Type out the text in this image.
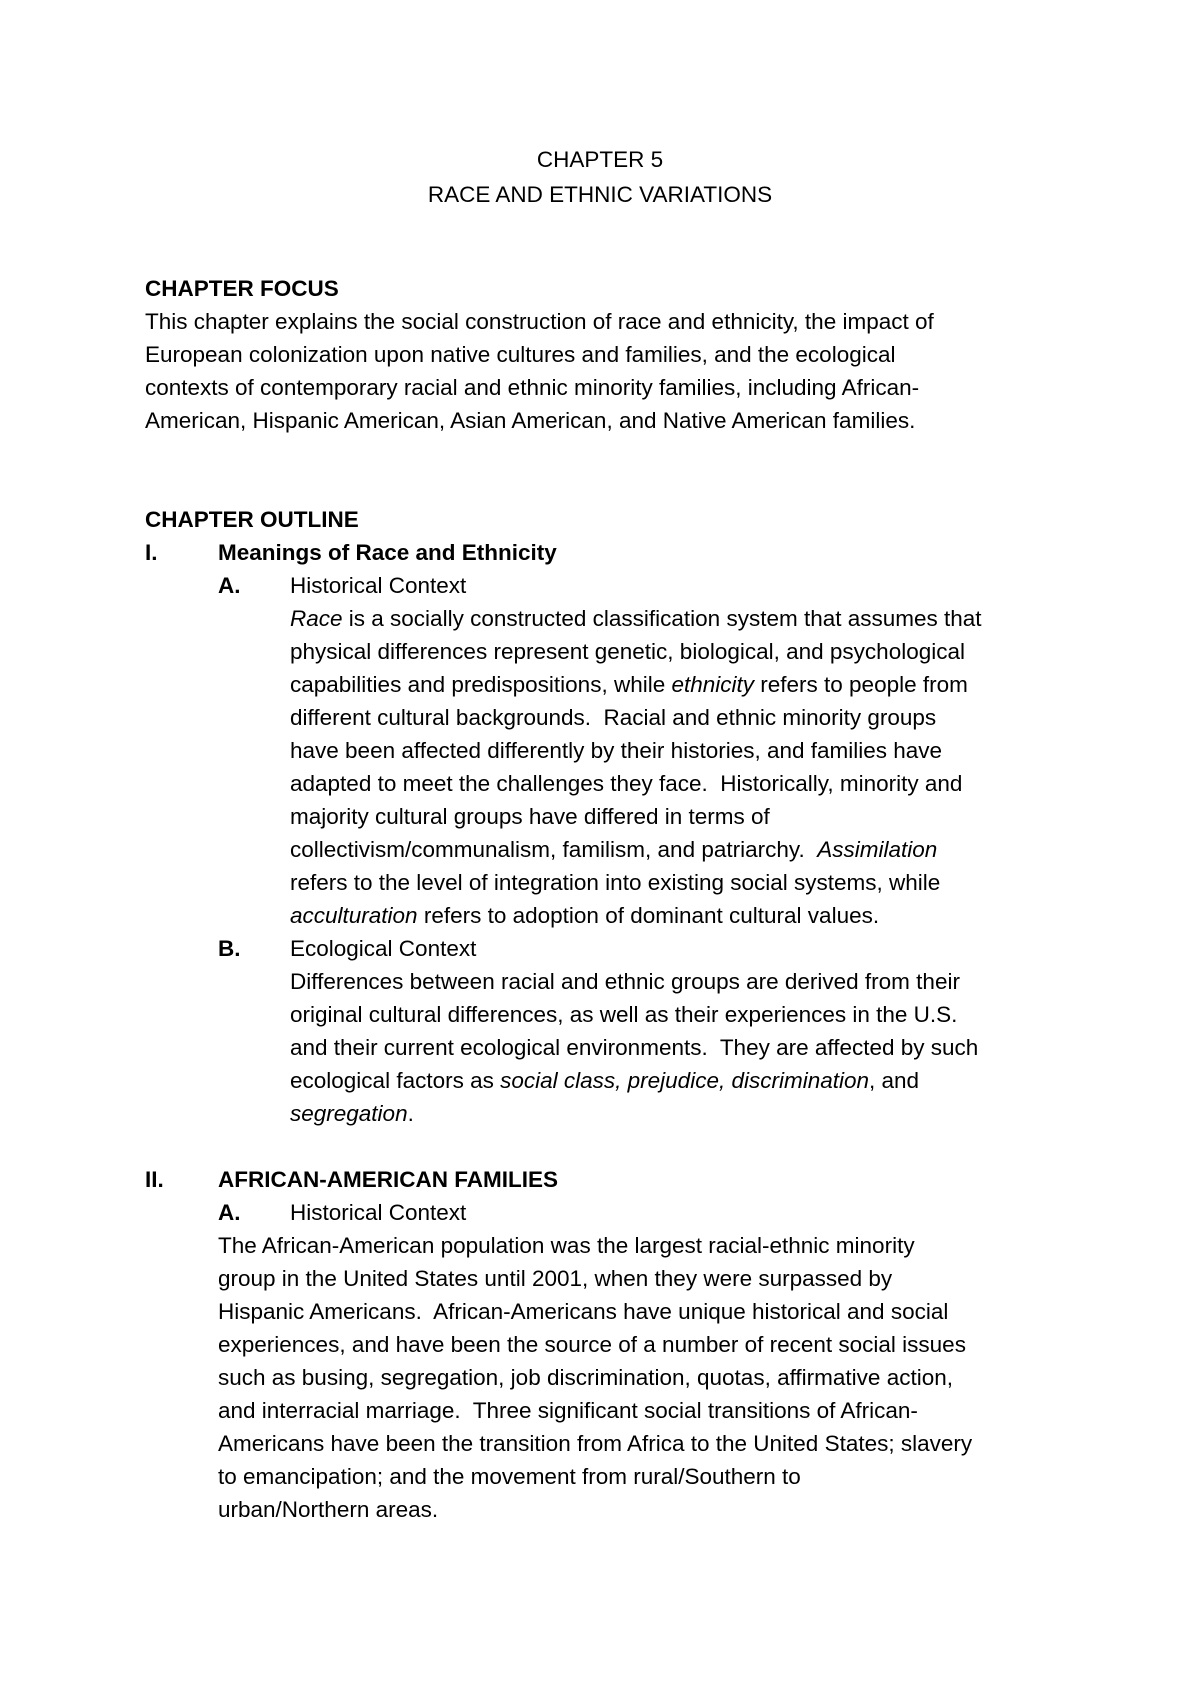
CHAPTER 5
RACE AND ETHNIC VARIATIONS
CHAPTER FOCUS
This chapter explains the social construction of race and ethnicity, the impact of
European colonization upon native cultures and families, and the ecological
contexts of contemporary racial and ethnic minority families, including African-
American, Hispanic American, Asian American, and Native American families.
CHAPTER OUTLINE
I.	Meanings of Race and Ethnicity
A. Historical Context
Race is a socially constructed classification system that assumes that
physical differences represent genetic, biological, and psychological
capabilities and predispositions, while ethnicity refers to people from
different cultural backgrounds.  Racial and ethnic minority groups
have been affected differently by their histories, and families have
adapted to meet the challenges they face.  Historically, minority and
majority cultural groups have differed in terms of
collectivism/communalism, familism, and patriarchy.  Assimilation
refers to the level of integration into existing social systems, while
acculturation refers to adoption of dominant cultural values.
B. Ecological Context
Differences between racial and ethnic groups are derived from their
original cultural differences, as well as their experiences in the U.S.
and their current ecological environments.  They are affected by such
ecological factors as social class, prejudice, discrimination, and
segregation.
II. AFRICAN-AMERICAN FAMILIES
A. Historical Context
The African-American population was the largest racial-ethnic minority
group in the United States until 2001, when they were surpassed by
Hispanic Americans.  African-Americans have unique historical and social
experiences, and have been the source of a number of recent social issues
such as busing, segregation, job discrimination, quotas, affirmative action,
and interracial marriage.  Three significant social transitions of African-
Americans have been the transition from Africa to the United States; slavery
to emancipation; and the movement from rural/Southern to
urban/Northern areas.
